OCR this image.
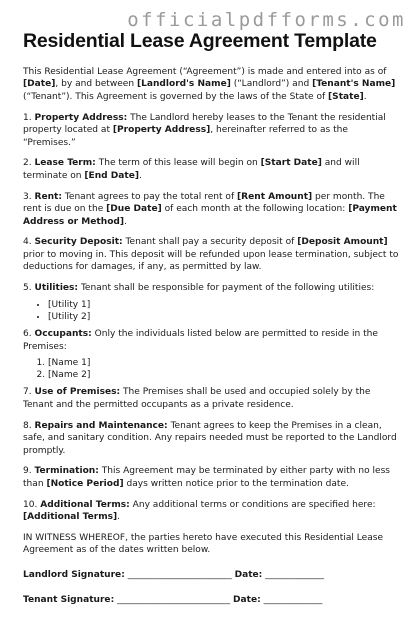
officialpdfforms.com
Residential Lease Agreement Template

This Residential Lease Agreement (“Agreement”) is made and entered into as of [Date], by and between [Landlord's Name] (“Landlord”) and [Tenant's Name] (“Tenant”). This Agreement is governed by the laws of the State of [State].

1. Property Address: The Landlord hereby leases to the Tenant the residential property located at [Property Address], hereinafter referred to as the “Premises.”

2. Lease Term: The term of this lease will begin on [Start Date] and will terminate on [End Date].

3. Rent: Tenant agrees to pay the total rent of [Rent Amount] per month. The rent is due on the [Due Date] of each month at the following location: [Payment Address or Method].

4. Security Deposit: Tenant shall pay a security deposit of [Deposit Amount] prior to moving in. This deposit will be refunded upon lease termination, subject to deductions for damages, if any, as permitted by law.

5. Utilities: Tenant shall be responsible for payment of the following utilities:

• [Utility 1]
• [Utility 2]

6. Occupants: Only the individuals listed below are permitted to reside in the Premises:

1. [Name 1]
2. [Name 2]

7. Use of Premises: The Premises shall be used and occupied solely by the Tenant and the permitted occupants as a private residence.

8. Repairs and Maintenance: Tenant agrees to keep the Premises in a clean, safe, and sanitary condition. Any repairs needed must be reported to the Landlord promptly.

9. Termination: This Agreement may be terminated by either party with no less than [Notice Period] days written notice prior to the termination date.

10. Additional Terms: Any additional terms or conditions are specified here: [Additional Terms].

IN WITNESS WHEREOF, the parties hereto have executed this Residential Lease Agreement as of the dates written below.

Landlord Signature: _______________________ Date: _____________
Tenant Signature: _________________________ Date: _____________
